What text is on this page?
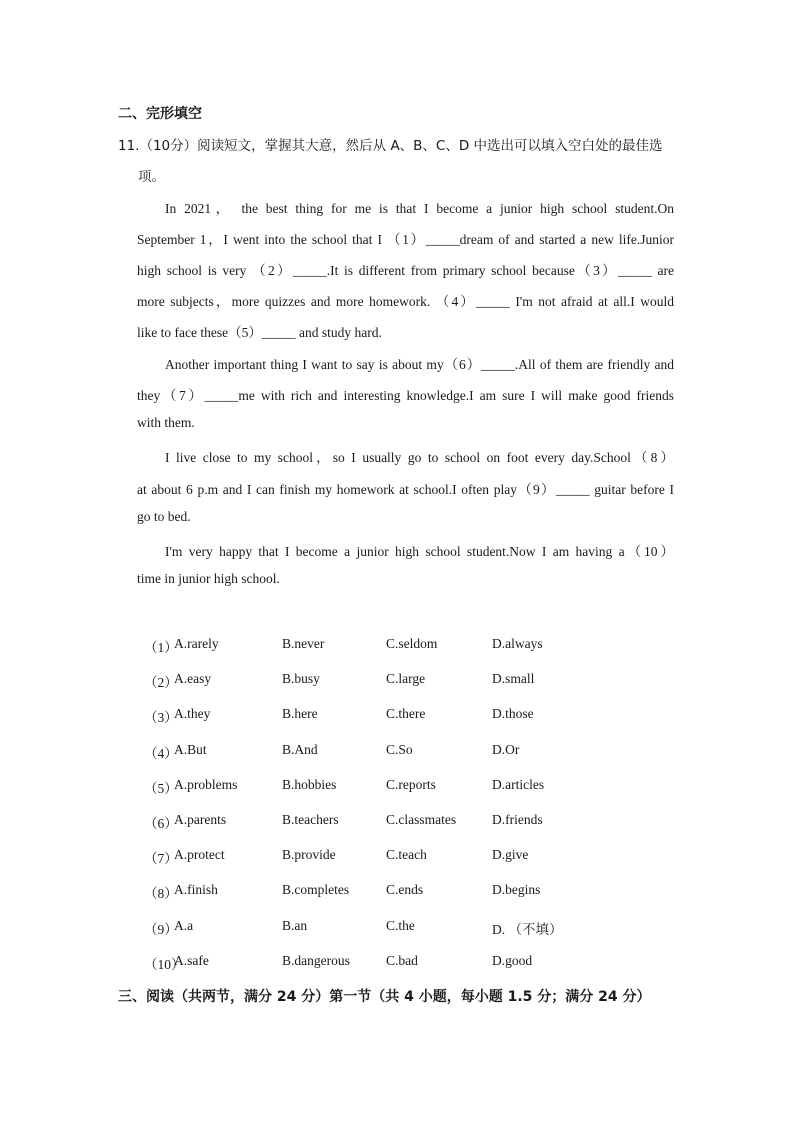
二、完形填空
11.（10分）阅读短文，掌握其大意，然后从 A、B、C、D 中选出可以填入空白处的最佳选
项。
In 2021， the best thing for me is that I become a junior high school student.On
September 1，I went into the school that I （1）_____dream of and started a new life.Junior
high school is very （2）_____.It is different from primary school because（3）_____ are
more subjects，more quizzes and more homework. （4）_____ I'm not afraid at all.I would
like to face these（5）_____ and study hard.
Another important thing I want to say is about my（6）_____.All of them are friendly and
they（7）_____me with rich and interesting knowledge.I am sure I will make good friends
with them.
I live close to my school，so I usually go to school on foot every day.School（8）
at about 6 p.m and I can finish my homework at school.I often play（9）_____ guitar before I
go to bed.
I'm very happy that I become a junior high school student.Now I am having a（10）
time in junior high school.
（1）
A.rarely	B.never	C.seldom	D.always
（2）
A.easy	B.busy	C.large	D.small
（3）
A.they	B.here	C.there	D.those
（4）
A.But	B.And	C.So	D.Or
（5）
A.problems	B.hobbies	C.reports	D.articles
（6）
A.parents	B.teachers	C.classmates	D.friends
（7）
A.protect	B.provide	C.teach	D.give
（8）
A.finish	B.completes	C.ends	D.begins
（9）
A.a	B.an	C.the	D. （不填）
（10）
A.safe	B.dangerous	C.bad	D.good
三、阅读（共两节，满分 24 分）第一节（共 4 小题，每小题 1.5 分；满分 24 分）
